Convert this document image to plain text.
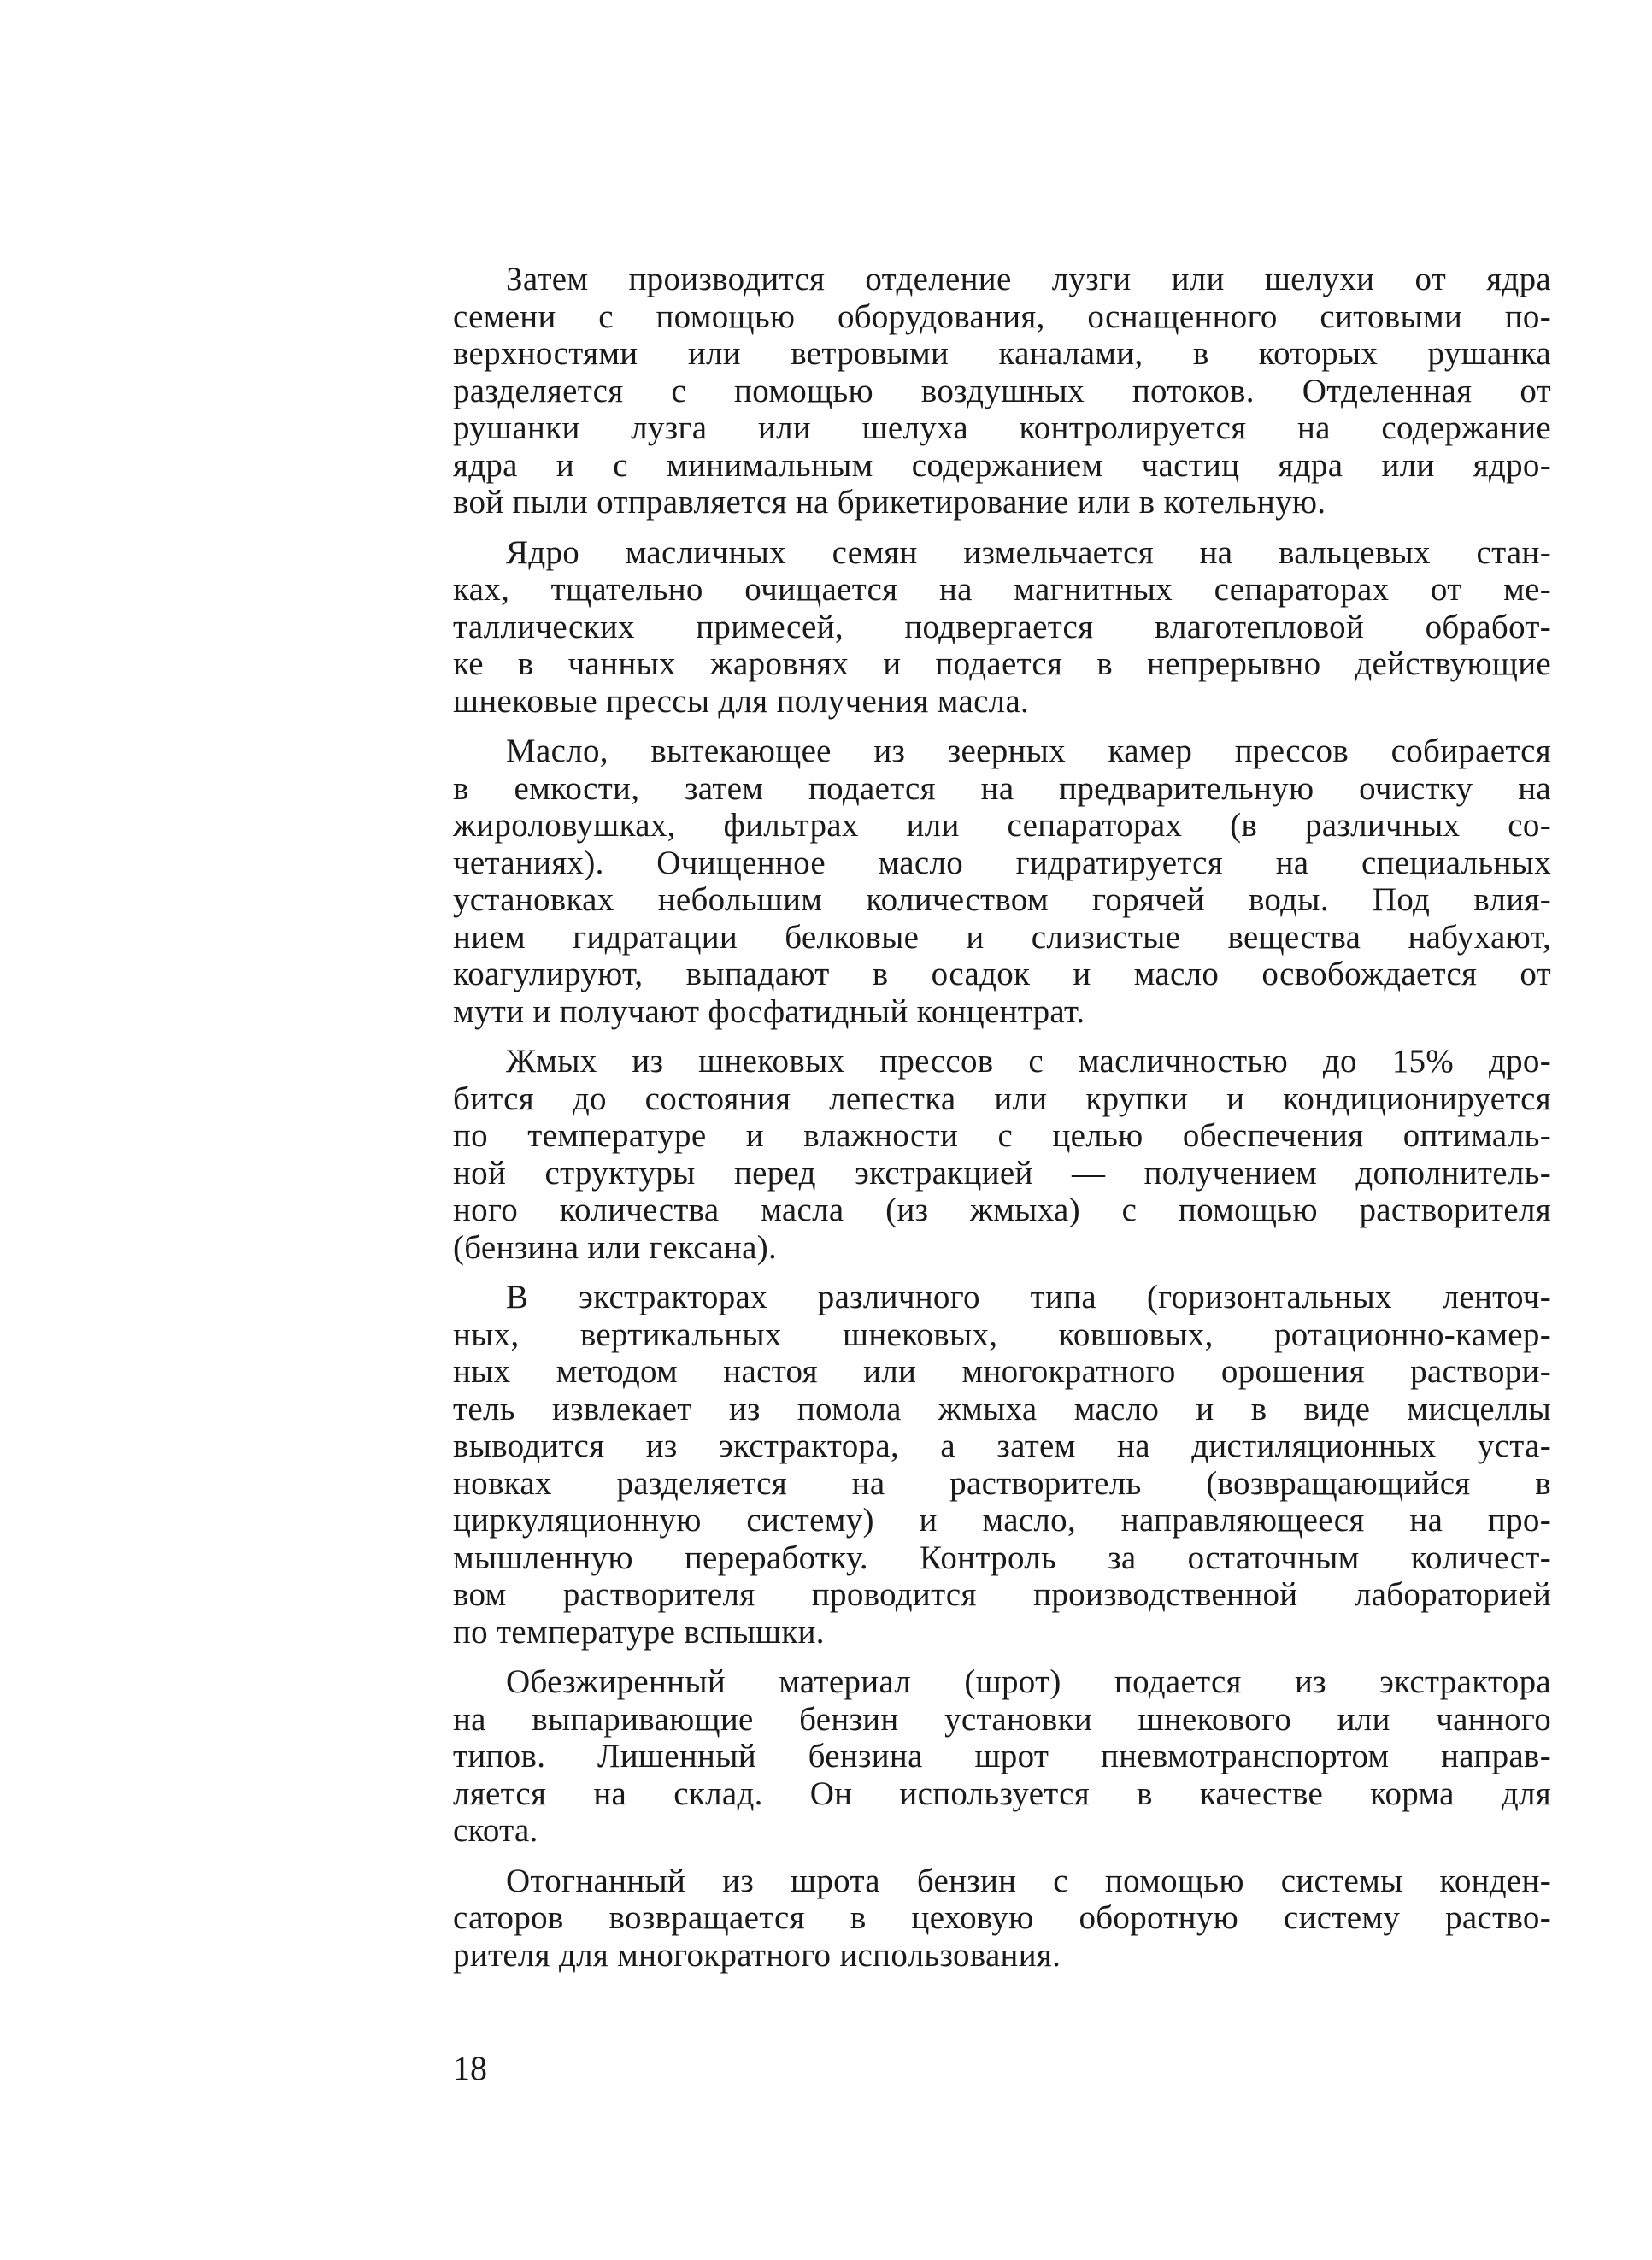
Затем производится отделение лузги или шелухи от ядра
семени с помощью оборудования, оснащенного ситовыми по-
верхностями или ветровыми каналами, в которых рушанка
разделяется с помощью воздушных потоков. Отделенная от
рушанки лузга или шелуха контролируется на содержание
ядра и с минимальным содержанием частиц ядра или ядро-
вой пыли отправляется на брикетирование или в котельную.
Ядро масличных семян измельчается на вальцевых стан-
ках, тщательно очищается на магнитных сепараторах от ме-
таллических примесей, подвергается влаготепловой обработ-
ке в чанных жаровнях и подается в непрерывно действующие
шнековые прессы для получения масла.
Масло, вытекающее из зеерных камер прессов собирается
в емкости, затем подается на предварительную очистку на
жироловушках, фильтрах или сепараторах (в различных со-
четаниях). Очищенное масло гидратируется на специальных
установках небольшим количеством горячей воды. Под влия-
нием гидратации белковые и слизистые вещества набухают,
коагулируют, выпадают в осадок и масло освобождается от
мути и получают фосфатидный концентрат.
Жмых из шнековых прессов с масличностью до 15% дро-
бится до состояния лепестка или крупки и кондиционируется
по температуре и влажности с целью обеспечения оптималь-
ной структуры перед экстракцией — получением дополнитель-
ного количества масла (из жмыха) с помощью растворителя
(бензина или гексана).
В экстракторах различного типа (горизонтальных ленточ-
ных, вертикальных шнековых, ковшовых, ротационно-камер-
ных методом настоя или многократного орошения раствори-
тель извлекает из помола жмыха масло и в виде мисцеллы
выводится из экстрактора, а затем на дистиляционных уста-
новках разделяется на растворитель (возвращающийся в
циркуляционную систему) и масло, направляющееся на про-
мышленную переработку. Контроль за остаточным количест-
вом растворителя проводится производственной лабораторией
по температуре вспышки.
Обезжиренный материал (шрот) подается из экстрактора
на выпаривающие бензин установки шнекового или чанного
типов. Лишенный бензина шрот пневмотранспортом направ-
ляется на склад. Он используется в качестве корма для
скота.
Отогнанный из шрота бензин с помощью системы конден-
саторов возвращается в цеховую оборотную систему раство-
рителя для многократного использования.
18
